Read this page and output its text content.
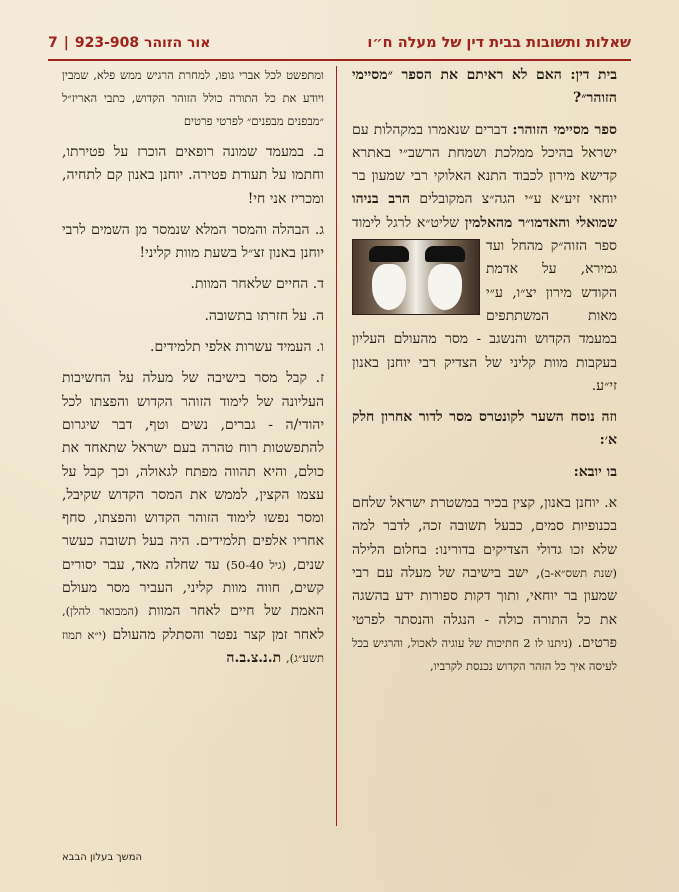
שאלות ותשובות בבית דין של מעלה ח״ו
אור הזוהר 923-908
|
7

בית דין: האם לא ראיתם את הספר ״מסיימי הזוהר״?

ספר מסיימי הזוהר: דברים שנאמרו במקהלות עם ישראל בהיכל ממלכת ושמחת הרשב״י באתרא קדישא מירון לכבוד התנא האלוקי רבי שמעון בר יוחאי זיע״א ע״י הגה״צ המקובלים הרב בניהו שמואלי והאדמו״ר מהאלמין
שליט״א לרגל לימוד ספר הזוה״ק מהחל ועד גמירא, על אדמת הקודש מירון יצ״ו, ע״י מאות המשתתפים במעמד הקדוש והנשגב - מסר מהעולם העליון בעקבות מוות קליני של הצדיק רבי יוחנן באנון זי״ע.

וזה נוסח השער לקונטרס מסר לדור אחרון חלק א׳:

בו יובא:

א. יוחנן באנון, קצין בכיר במשטרת ישראל שלחם בכנופיות סמים, כבעל תשובה זכה, לדבר למה שלא זכו גדולי הצדיקים בדורינו: בחלום הלילה (שנת תשס״א-ב), ישב בישיבה של מעלה עם רבי שמעון בר יוחאי, ותוך דקות ספורות ידע בהשגה את כל התורה כולה - הנגלה והנסתר לפרטי פרטים. (ניתנו לו 2 חתיכות של עוגיה לאכול, והרגיש בכל לעיסה איך כל הזהר הקדוש נכנסת לקרביו,

ומתפשט לכל אברי גופו, למחרת הרגיש ממש פלא, שמבין ויודע את כל התורה כולל הזוהר הקדוש, כתבי האריז״ל ״מבפנים מבפנים״ לפרטי פרטים

ב. במעמד שמונה רופאים הוכרז על פטירתו, וחתמו על תעודת פטירה. יוחנן באנון קם לתחיה, ומכריז אני חי!

ג. הבהלה והמסר המלא שנמסר מן השמים לרבי יוחנן באנון זצ״ל בשעת מוות קליני!

ד. החיים שלאחר המוות.

ה. על חזרתו בתשובה.

ו. העמיד עשרות אלפי תלמידים.

ז. קבל מסר בישיבה של מעלה על החשיבות העליונה של לימוד הזוהר הקדוש והפצתו לכל יהודי/ה - גברים, נשים וטף, דבר שיגרום להתפשטות רוח טהרה בעם ישראל שתאחד את כולם, והיא תהווה מפתח לגאולה, וכך קבל על עצמו הקצין, לממש את המסר הקדוש שקיבל, ומסר נפשו לימוד הזוהר הקדוש והפצתו, סחף אחריו אלפים תלמידים. היה בעל תשובה כעשר שנים, (גיל 50-40) עד שחלה מאד, עבר יסורים קשים, חווה מוות קליני, העביר מסר מעולם האמת של חיים לאחר המוות (המבואר להלן), לאחר זמן קצר נפטר והסתלק מהעולם (י״א תמוז תשע״ג), ת.נ.צ.ב.ה

המשך בעלון הבבא
